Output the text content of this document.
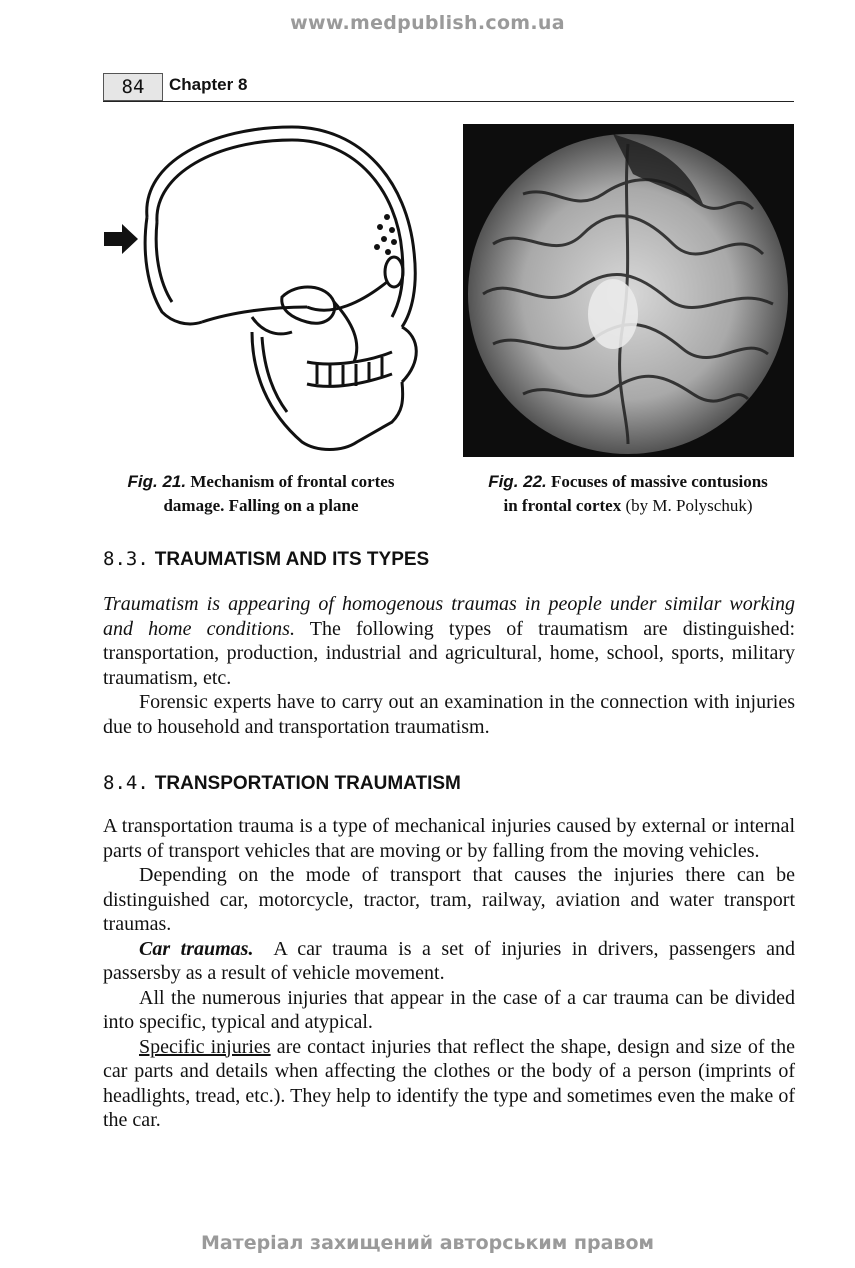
www.medpublish.com.ua
84	Chapter 8
Fig. 21. Mechanism of frontal cortes
damage. Falling on a plane
Fig. 22. Focuses of massive contusions
in frontal cortex (by M. Polyschuk)
8.3. TRAUMATISM AND ITS TYPES

Traumatism is appearing of homogenous traumas in people under similar working and home conditions. The following types of traumatism are distinguished: transportation, production, industrial and agricultural, home, school, sports, military traumatism, etc.

Forensic experts have to carry out an examination in the connection with injuries due to household and transportation traumatism.

8.4. TRANSPORTATION TRAUMATISM

A transportation trauma is a type of mechanical injuries caused by external or internal parts of transport vehicles that are moving or by falling from the moving vehicles.

Depending on the mode of transport that causes the injuries there can be distinguished car, motorcycle, tractor, tram, railway, aviation and water transport traumas.

Car traumas. A car trauma is a set of injuries in drivers, passengers and passersby as a result of vehicle movement.

All the numerous injuries that appear in the case of a car trauma can be divided into specific, typical and atypical.

Specific injuries are contact injuries that reflect the shape, design and size of the car parts and details when affecting the clothes or the body of a person (imprints of headlights, tread, etc.). They help to identify the type and sometimes even the make of the car.

Матеріал захищений авторським правом
